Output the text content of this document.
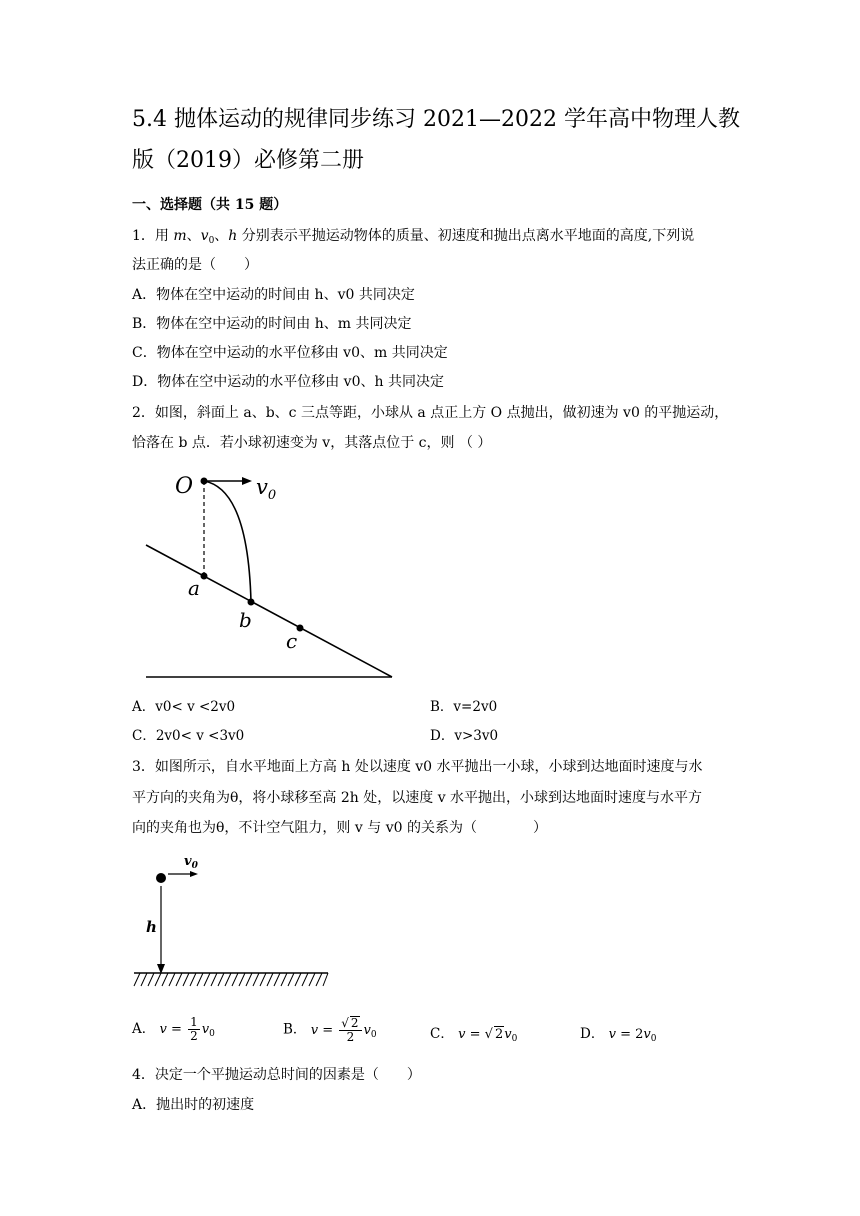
5.4 抛体运动的规律同步练习 2021—2022 学年高中物理人教
版（2019）必修第二册
一、选择题（共 15 题）
1．用 m、$v_0$、h 分别表示平抛运动物体的质量、初速度和抛出点离水平地面的高度,下列说
法正确的是（　　）
A．物体在空中运动的时间由 h、v0 共同决定
B．物体在空中运动的时间由 h、m 共同决定
C．物体在空中运动的水平位移由 v0、m 共同决定
D．物体在空中运动的水平位移由 v0、h 共同决定
2．如图，斜面上 a、b、c 三点等距，小球从 a 点正上方 O 点抛出，做初速为 v0 的平抛运动，
恰落在 b 点．若小球初速变为 v，其落点位于 c，则 （ ）
O	$v_0$
a
b
c
A．v0< v <2v0	B．v=2v0
C．2v0< v <3v0	D．v>3v0
3．如图所示，自水平地面上方高 h 处以速度 v0 水平抛出一小球，小球到达地面时速度与水
平方向的夹角为θ，将小球移至高 2h 处，以速度 v 水平抛出，小球到达地面时速度与水平方
向的夹角也为θ，不计空气阻力，则 v 与 v0 的关系为（　　　　）
$v_0$
h
A． $v = \frac{1}{2} v_0$	B． $v = \frac{√ 2}{2} v_0$	C． v = √ $2v_0$	D． $v = 2v_0$
4．决定一个平抛运动总时间的因素是（　　）
A．抛出时的初速度
